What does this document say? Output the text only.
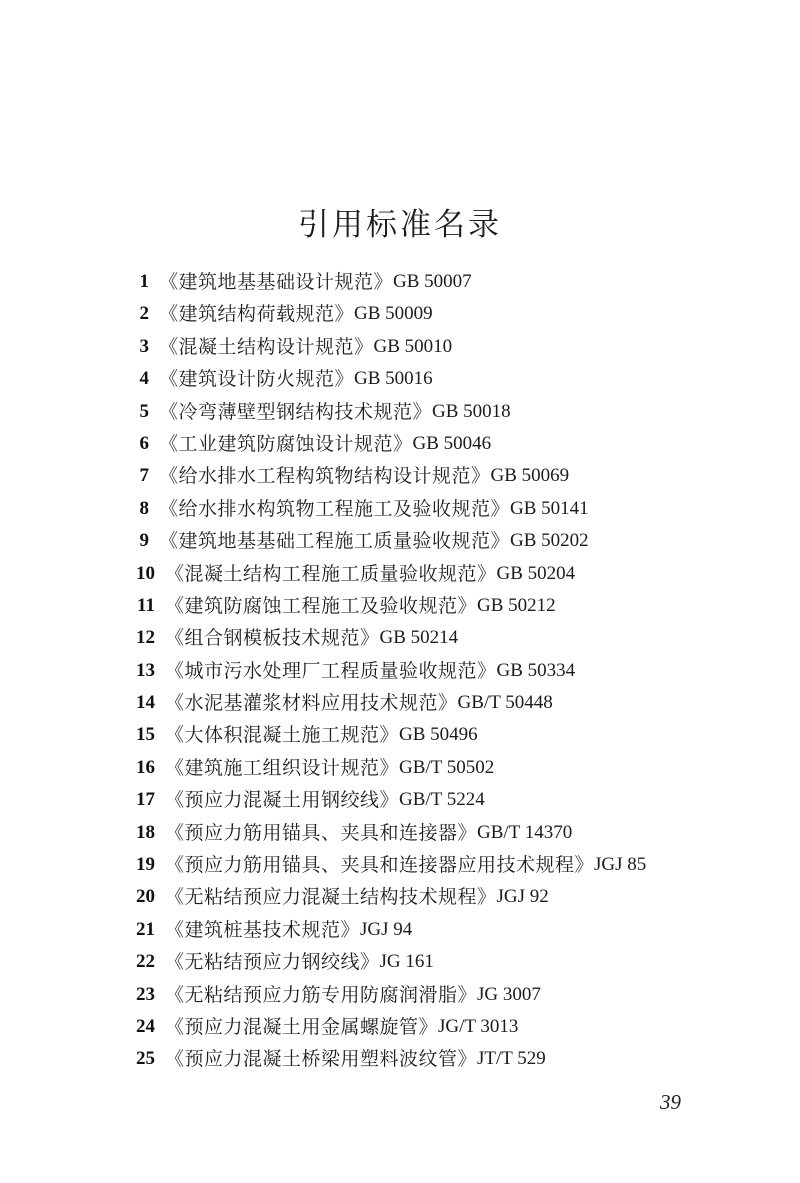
引用标准名录
1 《建筑地基基础设计规范》 GB 50007
2 《建筑结构荷载规范》 GB 50009
3 《混凝土结构设计规范》 GB 50010
4 《建筑设计防火规范》 GB 50016
5 《冷弯薄壁型钢结构技术规范》 GB 50018
6 《工业建筑防腐蚀设计规范》 GB 50046
7 《给水排水工程构筑物结构设计规范》 GB 50069
8 《给水排水构筑物工程施工及验收规范》 GB 50141
9 《建筑地基基础工程施工质量验收规范》 GB 50202
10 《混凝土结构工程施工质量验收规范》 GB 50204
11 《建筑防腐蚀工程施工及验收规范》 GB 50212
12 《组合钢模板技术规范》 GB 50214
13 《城市污水处理厂工程质量验收规范》 GB 50334
14 《水泥基灌浆材料应用技术规范》 GB/T 50448
15 《大体积混凝土施工规范》 GB 50496
16 《建筑施工组织设计规范》 GB/T 50502
17 《预应力混凝土用钢绞线》 GB/T 5224
18 《预应力筋用锚具、夹具和连接器》 GB/T 14370
19 《预应力筋用锚具、夹具和连接器应用技术规程》 JGJ 85
20 《无粘结预应力混凝土结构技术规程》 JGJ 92
21 《建筑桩基技术规范》 JGJ 94
22 《无粘结预应力钢绞线》 JG 161
23 《无粘结预应力筋专用防腐润滑脂》 JG 3007
24 《预应力混凝土用金属螺旋管》 JG/T 3013
25 《预应力混凝土桥梁用塑料波纹管》 JT/T 529
39
